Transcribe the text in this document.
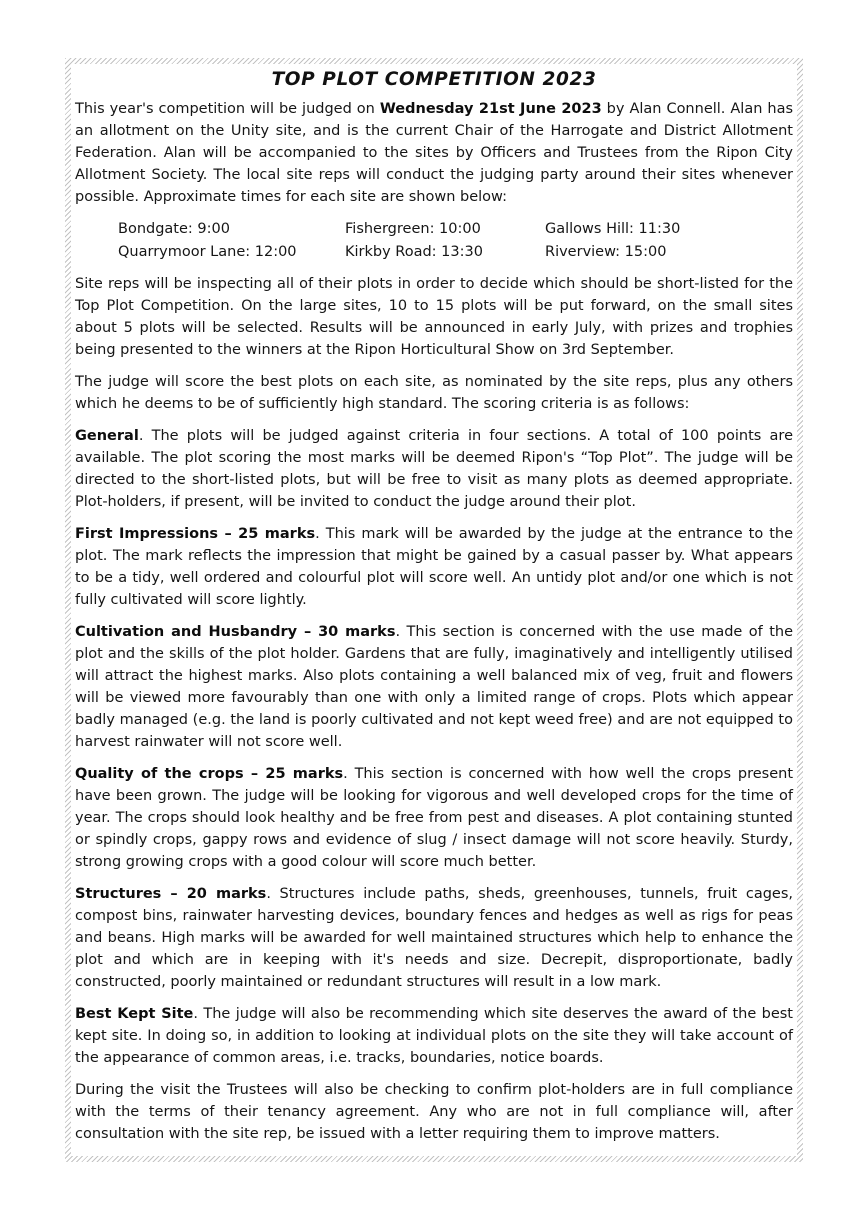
TOP PLOT COMPETITION 2023

This year's competition will be judged on Wednesday 21st June 2023 by Alan Connell. Alan has an allotment on the Unity site, and is the current Chair of the Harrogate and District Allotment Federation. Alan will be accompanied to the sites by Officers and Trustees from the Ripon City Allotment Society. The local site reps will conduct the judging party around their sites whenever possible. Approximate times for each site are shown below:

Bondgate: 9:00	Fishergreen: 10:00	Gallows Hill: 11:30
Quarrymoor Lane: 12:00	Kirkby Road: 13:30	Riverview: 15:00

Site reps will be inspecting all of their plots in order to decide which should be short-listed for the Top Plot Competition. On the large sites, 10 to 15 plots will be put forward, on the small sites about 5 plots will be selected. Results will be announced in early July, with prizes and trophies being presented to the winners at the Ripon Horticultural Show on 3rd September.

The judge will score the best plots on each site, as nominated by the site reps, plus any others which he deems to be of sufficiently high standard. The scoring criteria is as follows:

General. The plots will be judged against criteria in four sections. A total of 100 points are available. The plot scoring the most marks will be deemed Ripon's “Top Plot”. The judge will be directed to the short-listed plots, but will be free to visit as many plots as deemed appropriate. Plot-holders, if present, will be invited to conduct the judge around their plot.

First Impressions – 25 marks. This mark will be awarded by the judge at the entrance to the plot. The mark reflects the impression that might be gained by a casual passer by. What appears to be a tidy, well ordered and colourful plot will score well. An untidy plot and/or one which is not fully cultivated will score lightly.

Cultivation and Husbandry – 30 marks. This section is concerned with the use made of the plot and the skills of the plot holder. Gardens that are fully, imaginatively and intelligently utilised will attract the highest marks. Also plots containing a well balanced mix of veg, fruit and flowers will be viewed more favourably than one with only a limited range of crops. Plots which appear badly managed (e.g. the land is poorly cultivated and not kept weed free) and are not equipped to harvest rainwater will not score well.

Quality of the crops – 25 marks. This section is concerned with how well the crops present have been grown. The judge will be looking for vigorous and well developed crops for the time of year. The crops should look healthy and be free from pest and diseases. A plot containing stunted or spindly crops, gappy rows and evidence of slug / insect damage will not score heavily. Sturdy, strong growing crops with a good colour will score much better.

Structures – 20 marks. Structures include paths, sheds, greenhouses, tunnels, fruit cages, compost bins, rainwater harvesting devices, boundary fences and hedges as well as rigs for peas and beans. High marks will be awarded for well maintained structures which help to enhance the plot and which are in keeping with it's needs and size. Decrepit, disproportionate, badly constructed, poorly maintained or redundant structures will result in a low mark.

Best Kept Site. The judge will also be recommending which site deserves the award of the best kept site. In doing so, in addition to looking at individual plots on the site they will take account of the appearance of common areas, i.e. tracks, boundaries, notice boards.

During the visit the Trustees will also be checking to confirm plot-holders are in full compliance with the terms of their tenancy agreement. Any who are not in full compliance will, after consultation with the site rep, be issued with a letter requiring them to improve matters.
